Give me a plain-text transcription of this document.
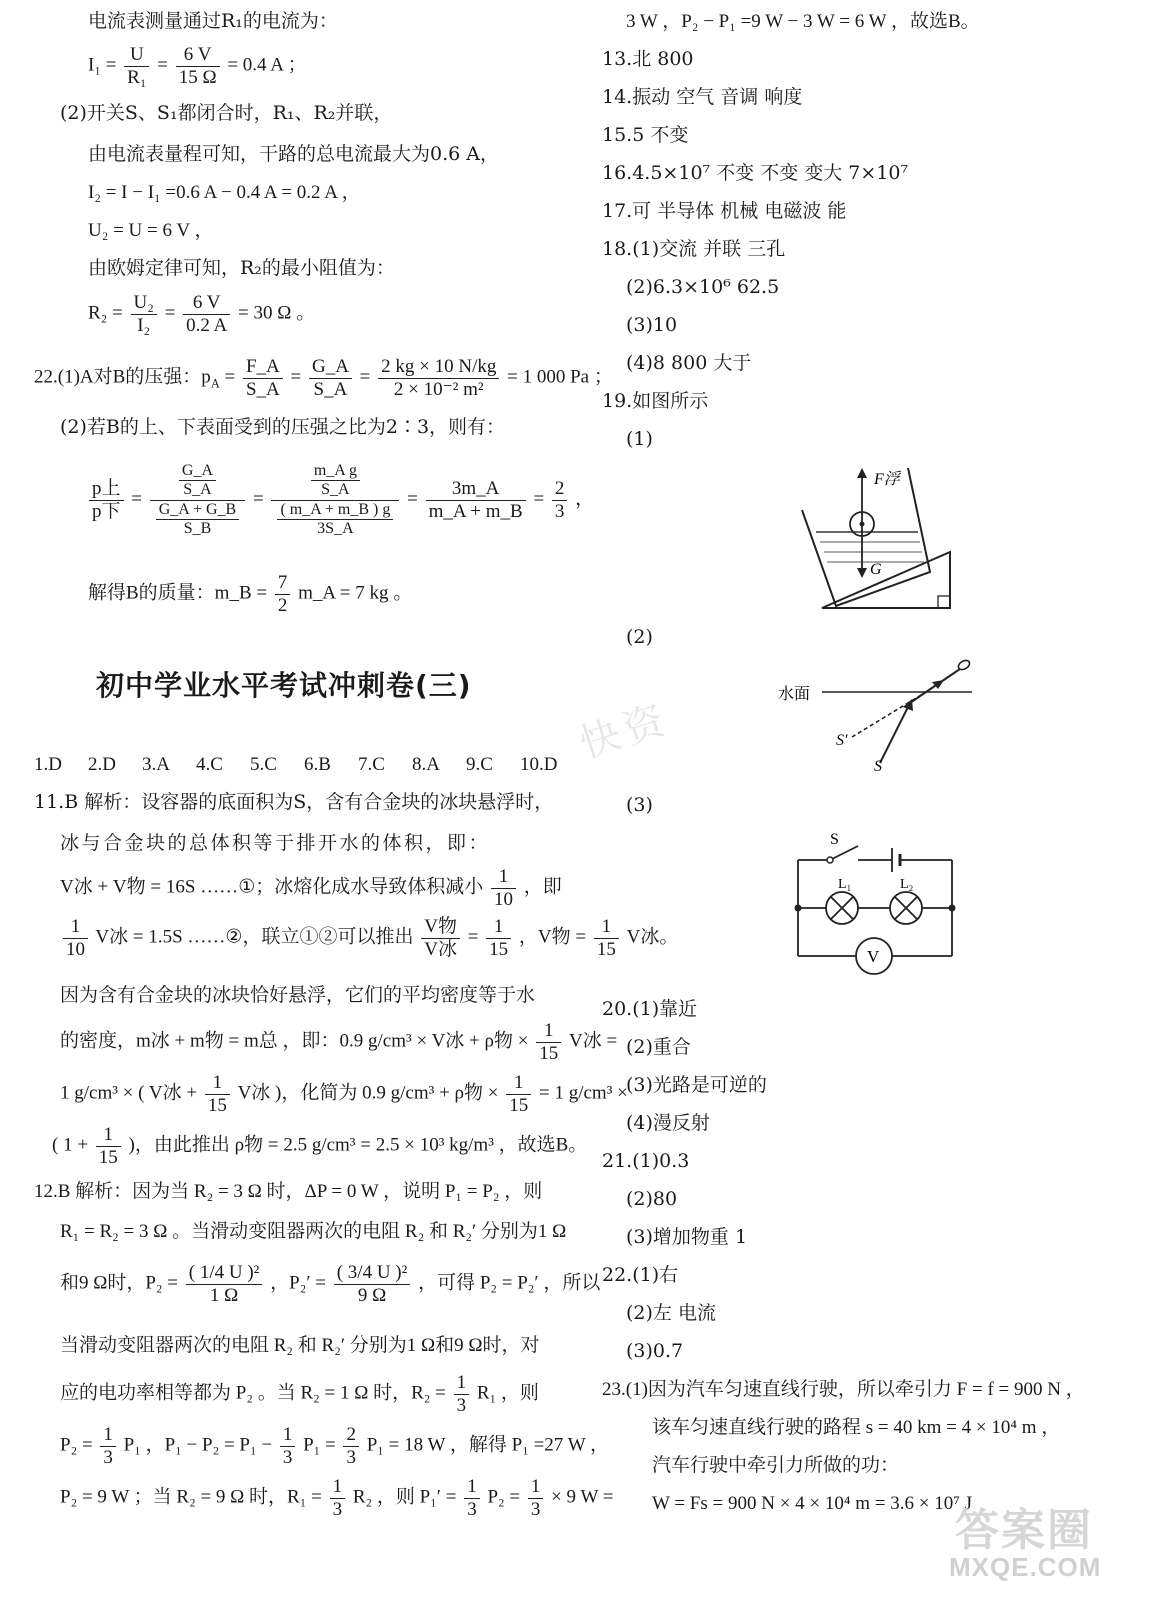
电流表测量通过R₁的电流为：
$I_1 = \frac{U}{\text{R₁}} = \frac{6 V}{15 \Omega} = 0.4$ A ；
(2)开关S、S₁都闭合时，R₁、R₂并联，
由电流表量程可知，干路的总电流最大为0.6 A，
I₂ = I − I₁ =0.6 A − 0.4 A = 0.2 A ，
U₂ = U = 6 V ，
由欧姆定律可知，R₂的最小阻值为：
$R_2 = \frac{\text{U₂}}{\text{I₂}} = \frac{6 V}{0.2 A} = 30$ Ω 。
22.(1)A对B的压强：$p_A = \frac{F\_A}{S\_A} = \frac{G\_A}{S\_A} = \frac{2 kg \times 10 N/kg}{\text{2 × 10⁻² m²}} = 1$ 000 Pa ；
(2)若B的上、下表面受到的压强之比为2∶3，则有：
p上
p下
= $\frac{\frac{G\_A}{S\_A}}{\frac{G\_A + G\_B}{S\_B}} = \frac{\frac{\text{m\_A g}}{S\_A}}{\frac{( m\_A + m\_B ) g}{3S\_A}} = \frac{3m\_A}{m\_A + m\_B} = \frac{2}{3}$ ，
解得B的质量：m_B = $\frac{7}{2}$ m_A = 7 kg 。
初中学业水平考试冲刺卷(三)
1.D 2.D 3.A 4.C 5.C 6.B 7.C 8.A 9.C 10.D
11.B 解析：设容器的底面积为S，含有合金块的冰块悬浮时，
冰与合金块的总体积等于排开水的体积，即：
V冰 + V物 = 16S ……①；冰熔化成水导致体积减小 $\frac{1}{10}$ ，即
$\frac{1}{10}$ V冰 = 1.5S ……②，联立①②可以推出
V物
V冰
= $\frac{1}{15}$ ，V物 = $\frac{1}{15}$ V冰。
因为含有合金块的冰块恰好悬浮，它们的平均密度等于水
的密度，m冰 + m物 = m总 ，即：0.9 g/cm³ × V冰 + ρ物 × $\frac{1}{15}$ V冰 =
1 g/cm³ × ( V冰 + $\frac{1}{15}$ V冰 )，化简为 0.9 g/cm³ + ρ物 × $\frac{1}{15} = 1$ g/cm³ ×
( $1 + \frac{1}{15}$ )，由此推出 ρ物 = 2.5 g/cm³ = 2.5 × 10³ kg/m³ ，故选B。
12.B 解析：因为当 R₂ = 3 Ω 时，ΔP = 0 W ，说明 P₁ = P₂ ，则
R₁ = R₂ = 3 Ω 。当滑动变阻器两次的电阻 R₂ 和 R₂′ 分别为1 Ω
和9 Ω时，$P_2 = \frac{\text{( 1/4 U )²}}{1 \Omega}$ ，$P_2' = \frac{\text{( 3/4 U )²}}{9 \Omega}$ ，可得 P₂ = P₂′ ，所以
当滑动变阻器两次的电阻 R₂ 和 R₂′ 分别为1 Ω和9 Ω时，对
应的电功率相等都为 P₂ 。当 R₂ = 1 Ω 时，$R_2 = \frac{1}{3} R_1$ ，则
$P_2 = \frac{1}{3} P_1$ ，$P_1 - P_2 = P_1 - \frac{1}{3} P_1 = \frac{2}{3} P_1 = 18$ W ，解得 P₁ =27 W ，
P₂ = 9 W ；当 R₂ = 9 Ω 时，$R_1 = \frac{1}{3} R_2$ ，则 $P_1' = \frac{1}{3} P_2 = \frac{1}{3} \times 9$ W =
3 W ，P₂ − P₁ =9 W − 3 W = 6 W ，故选B。
13.北 800
14.振动 空气 音调 响度
15.5 不变
16.4.5×10⁷ 不变 不变 变大 7×10⁷
17.可 半导体 机械 电磁波 能
18.(1)交流 并联 三孔
(2)6.3×10⁶ 62.5
(3)10
(4)8 800 大于
19.如图所示
(1)
F浮
G
(2)
水面
S′
S
(3)
S
L₁	L₂
V
20.(1)靠近
(2)重合
(3)光路是可逆的
(4)漫反射
21.(1)0.3
(2)80
(3)增加物重 1
22.(1)右
(2)左 电流
(3)0.7
23.(1)因为汽车匀速直线行驶，所以牵引力 F = f = 900 N ，
该车匀速直线行驶的路程 s = 40 km = 4 × 10⁴ m ，
汽车行驶中牵引力所做的功：
W = Fs = 900 N × 4 × 10⁴ m = 3.6 × 10⁷ J
快资
答案圈
MXQE.COM
